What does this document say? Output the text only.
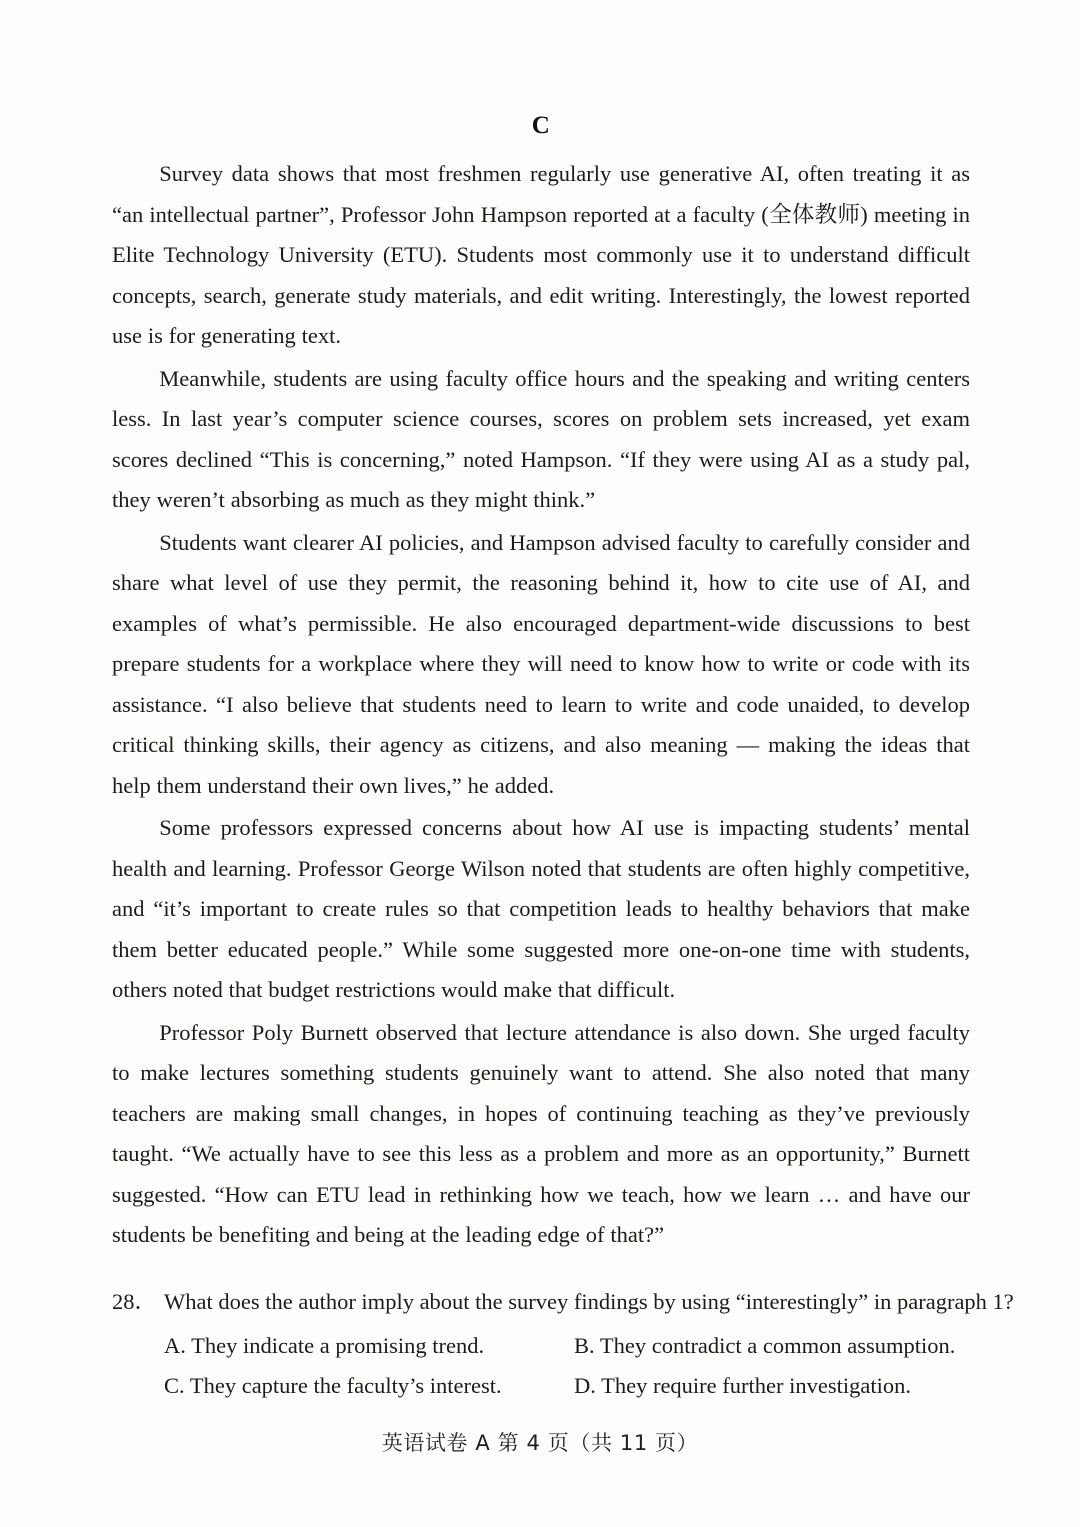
C

Survey data shows that most freshmen regularly use generative AI, often treating it as “an intellectual partner”, Professor John Hampson reported at a faculty (全体教师) meeting in Elite Technology University (ETU). Students most commonly use it to understand difficult concepts, search, generate study materials, and edit writing. Interestingly, the lowest reported use is for generating text.

Meanwhile, students are using faculty office hours and the speaking and writing centers less. In last year’s computer science courses, scores on problem sets increased, yet exam scores declined “This is concerning,” noted Hampson. “If they were using AI as a study pal, they weren’t absorbing as much as they might think.”

Students want clearer AI policies, and Hampson advised faculty to carefully consider and share what level of use they permit, the reasoning behind it, how to cite use of AI, and examples of what’s permissible. He also encouraged department-wide discussions to best prepare students for a workplace where they will need to know how to write or code with its assistance. “I also believe that students need to learn to write and code unaided, to develop critical thinking skills, their agency as citizens, and also meaning — making the ideas that help them understand their own lives,” he added.

Some professors expressed concerns about how AI use is impacting students’ mental health and learning. Professor George Wilson noted that students are often highly competitive, and “it’s important to create rules so that competition leads to healthy behaviors that make them better educated people.” While some suggested more one-on-one time with students, others noted that budget restrictions would make that difficult.

Professor Poly Burnett observed that lecture attendance is also down. She urged faculty to make lectures something students genuinely want to attend. She also noted that many teachers are making small changes, in hopes of continuing teaching as they’ve previously taught. “We actually have to see this less as a problem and more as an opportunity,” Burnett suggested. “How can ETU lead in rethinking how we teach, how we learn … and have our students be benefiting and being at the leading edge of that?”

28． What does the author imply about the survey findings by using “interestingly” in paragraph 1?
A. They indicate a promising trend.	B. They contradict a common assumption.
C. They capture the faculty’s interest.	D. They require further investigation.
英语试卷 A 第 4 页（共 11 页）
